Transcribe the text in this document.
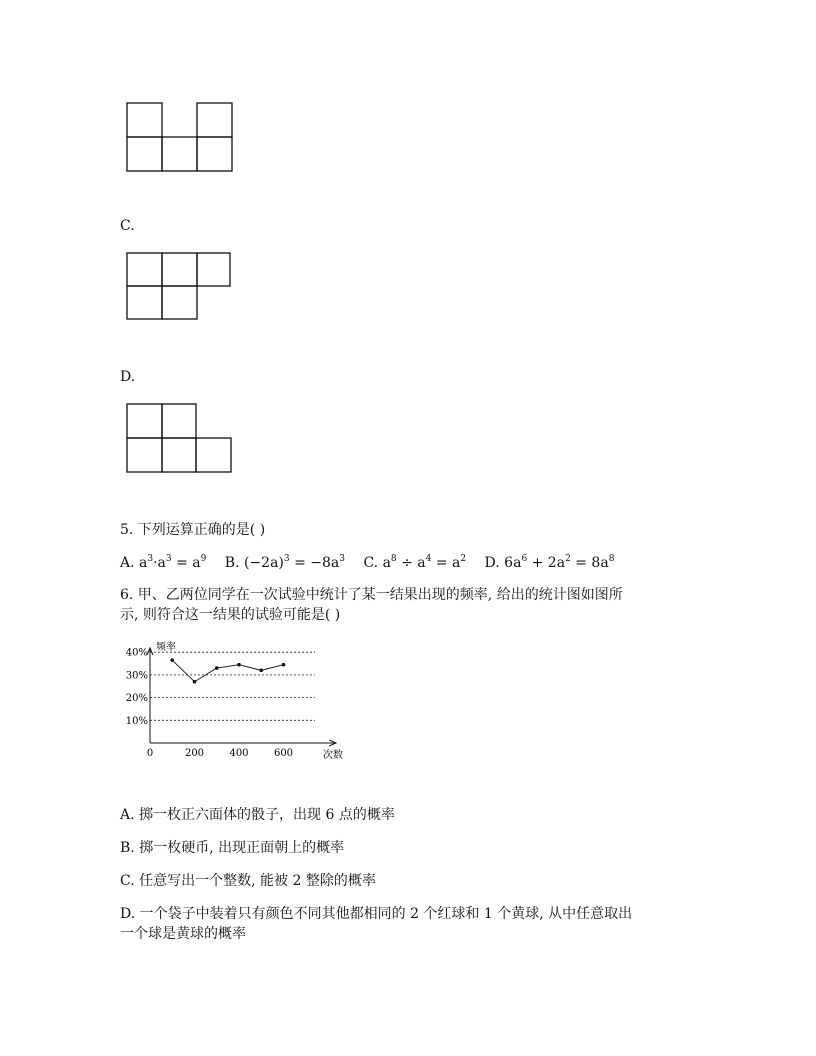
C.
D.
5. 下列运算正确的是( )
A. $a^3\cdot a^3 = a^9$ B. $(-2a)^3 = -8a^3$ C. $a^8 \div a^4 = a^2$ D. $6a^6 + 2a^2 = 8a^8$
6. 甲、乙两位同学在一次试验中统计了某一结果出现的频率, 给出的统计图如图所
示, 则符合这一结果的试验可能是( )
频率
次数
10%
20%
30%
40%
0	200	400	600
A. 掷一枚正六面体的骰子，出现 6 点的概率
B. 掷一枚硬币, 出现正面朝上的概率
C. 任意写出一个整数, 能被 2 整除的概率
D. 一个袋子中装着只有颜色不同其他都相同的 2 个红球和 1 个黄球, 从中任意取出
一个球是黄球的概率
